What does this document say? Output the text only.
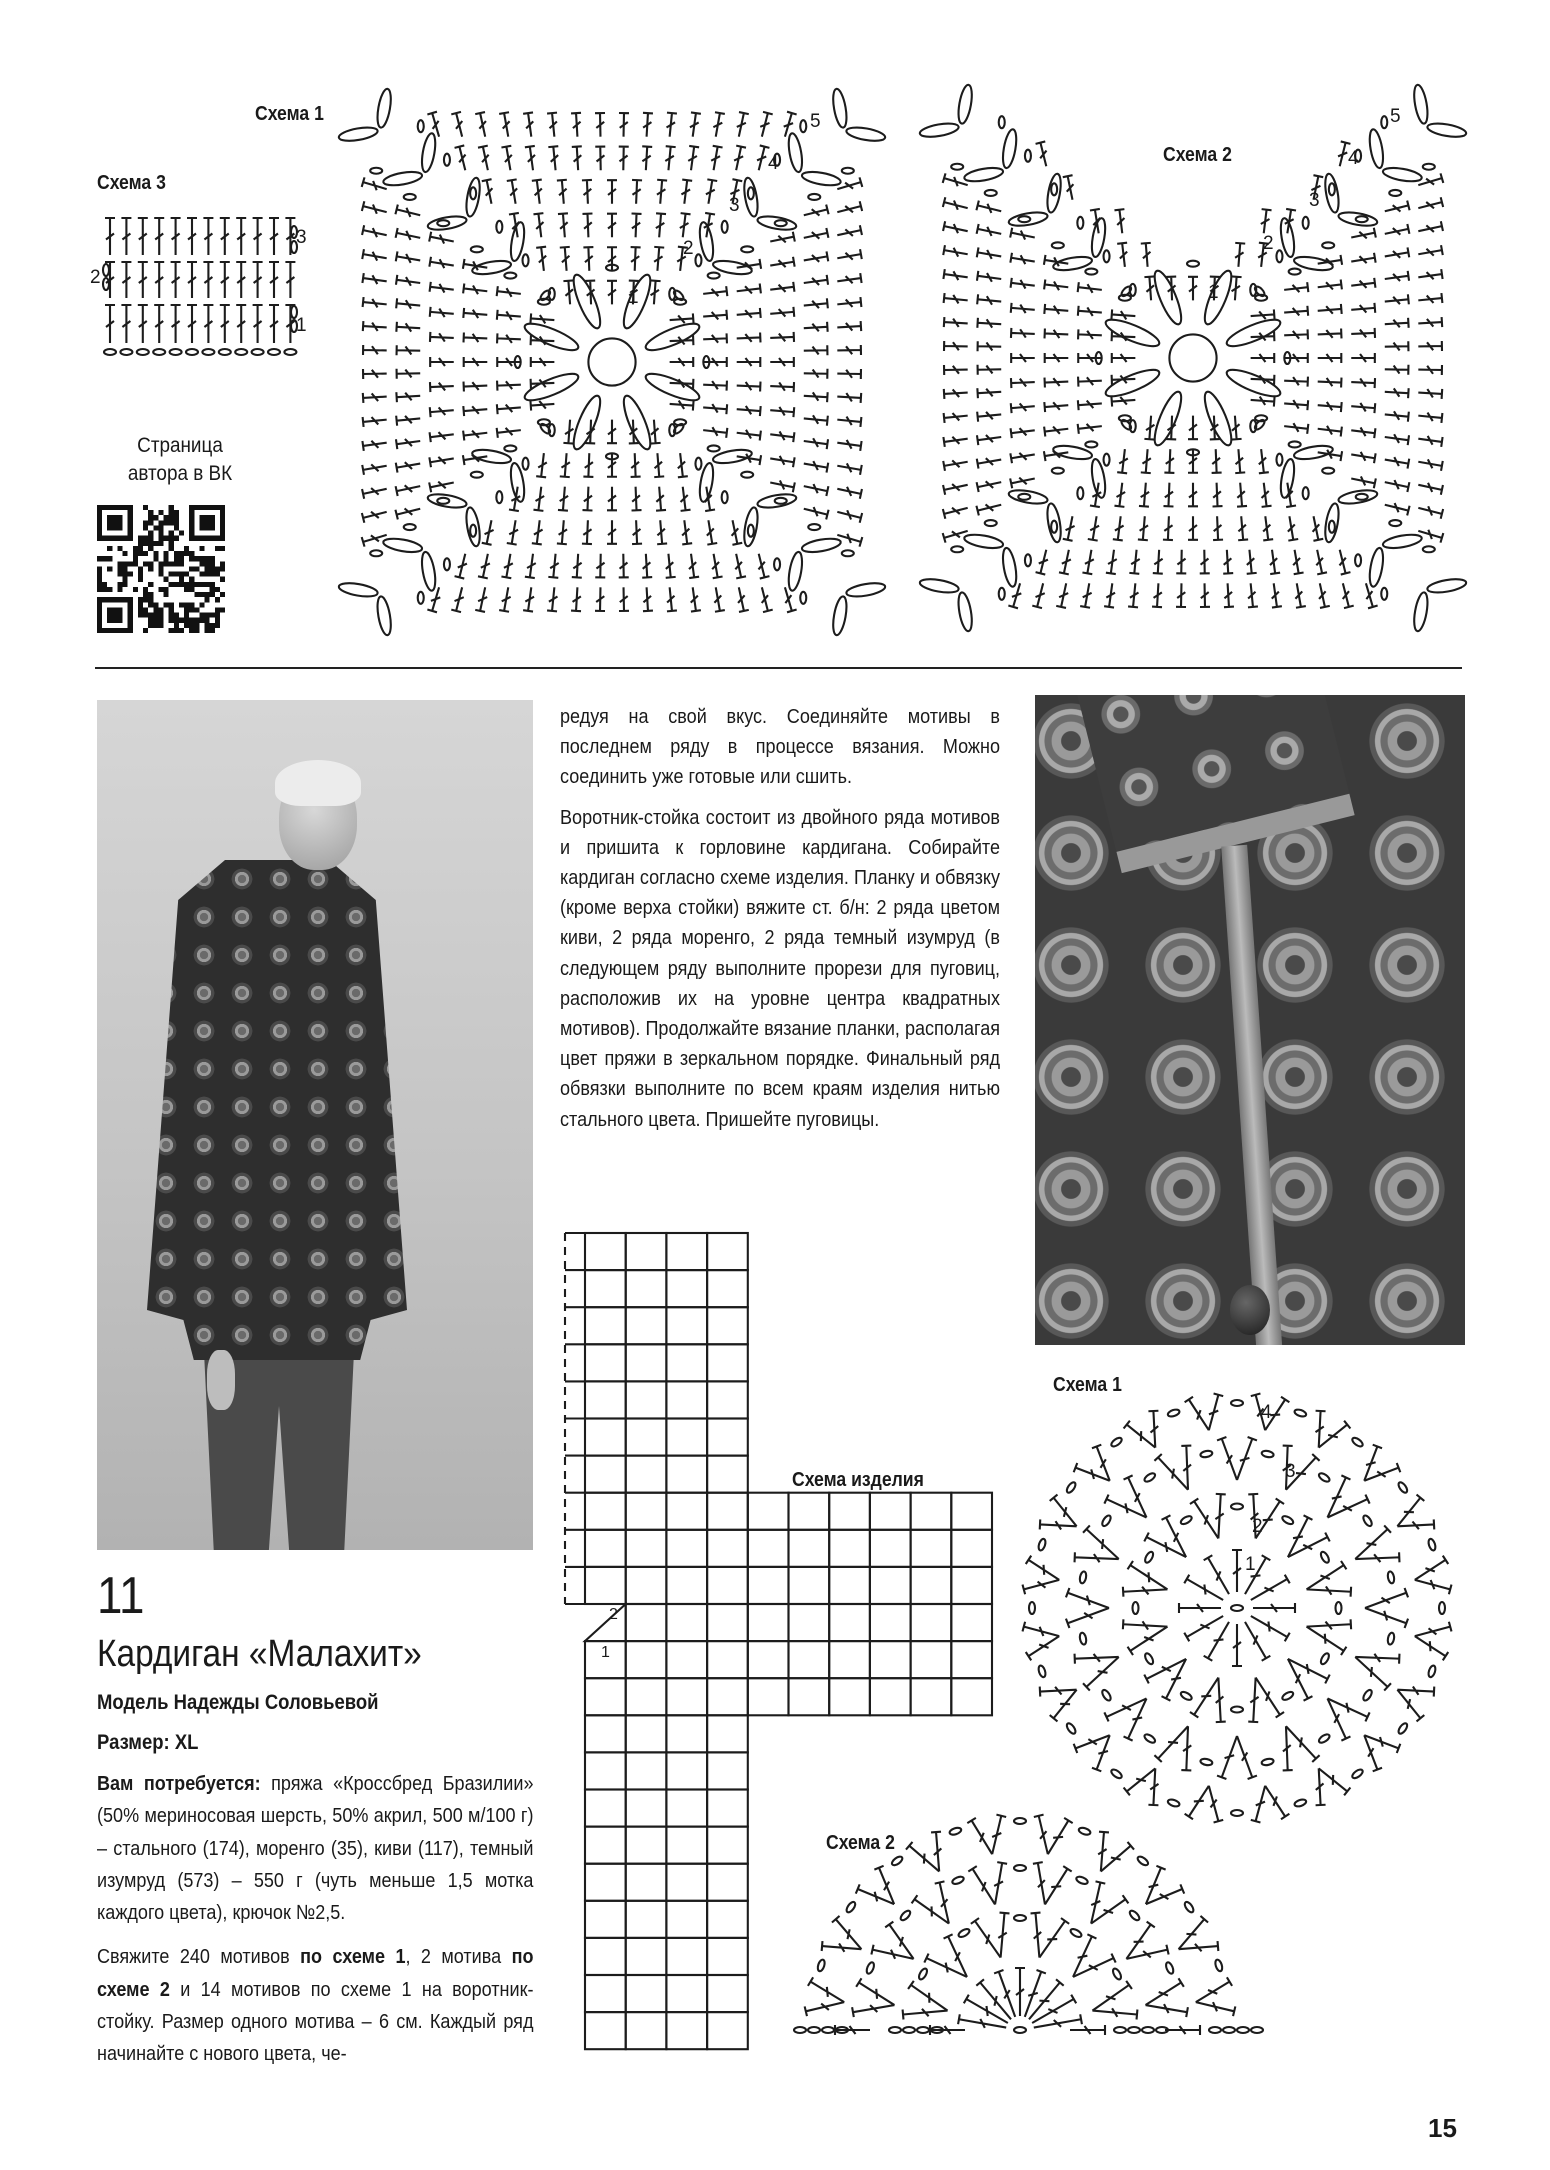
Схема 1
Схема 2
Схема 3
3
2
1
1
2
3
4
5
1
2
3
4
5
Страница
автора в ВК

редуя на свой вкус. Соединяйте мотивы в последнем ряду в процессе вязания. Можно соединить уже готовые или сшить.

Воротник-стойка состоит из двойного ряда мотивов и пришита к горловине кардигана. Собирайте кардиган согласно схеме изделия. Планку и обвязку (кроме верха стойки) вяжите ст. б/н: 2 ряда цветом киви, 2 ряда моренго, 2 ряда темный изумруд (в следующем ряду выполните прорези для пуговиц, расположив их на уровне центра квадратных мотивов). Продолжайте вязание планки, располагая цвет пряжи в зеркальном порядке. Финальный ряд обвязки выполните по всем краям изделия нитью стального цвета. Пришейте пуговицы.

11
Кардиган «Малахит»
Модель Надежды Соловьевой
Размер: XL

Вам потребуется: пряжа «Кроссбред Бразилии» (50% мериносовая шерсть, 50% акрил, 500 м/100 г) – стального (174), моренго (35), киви (117), темный изумруд (573) – 550 г (чуть меньше 1,5 мотка каждого цвета), крючок №2,5.

Свяжите 240 мотивов по схеме 1, 2 мотива по схеме 2 и 14 мотивов по схеме 1 на воротник-стойку. Размер одного мотива – 6 см. Каждый ряд начинайте с нового цвета, че-

Схема изделия
2
1
Схема 1
1
2
3
4
Схема 2
15
